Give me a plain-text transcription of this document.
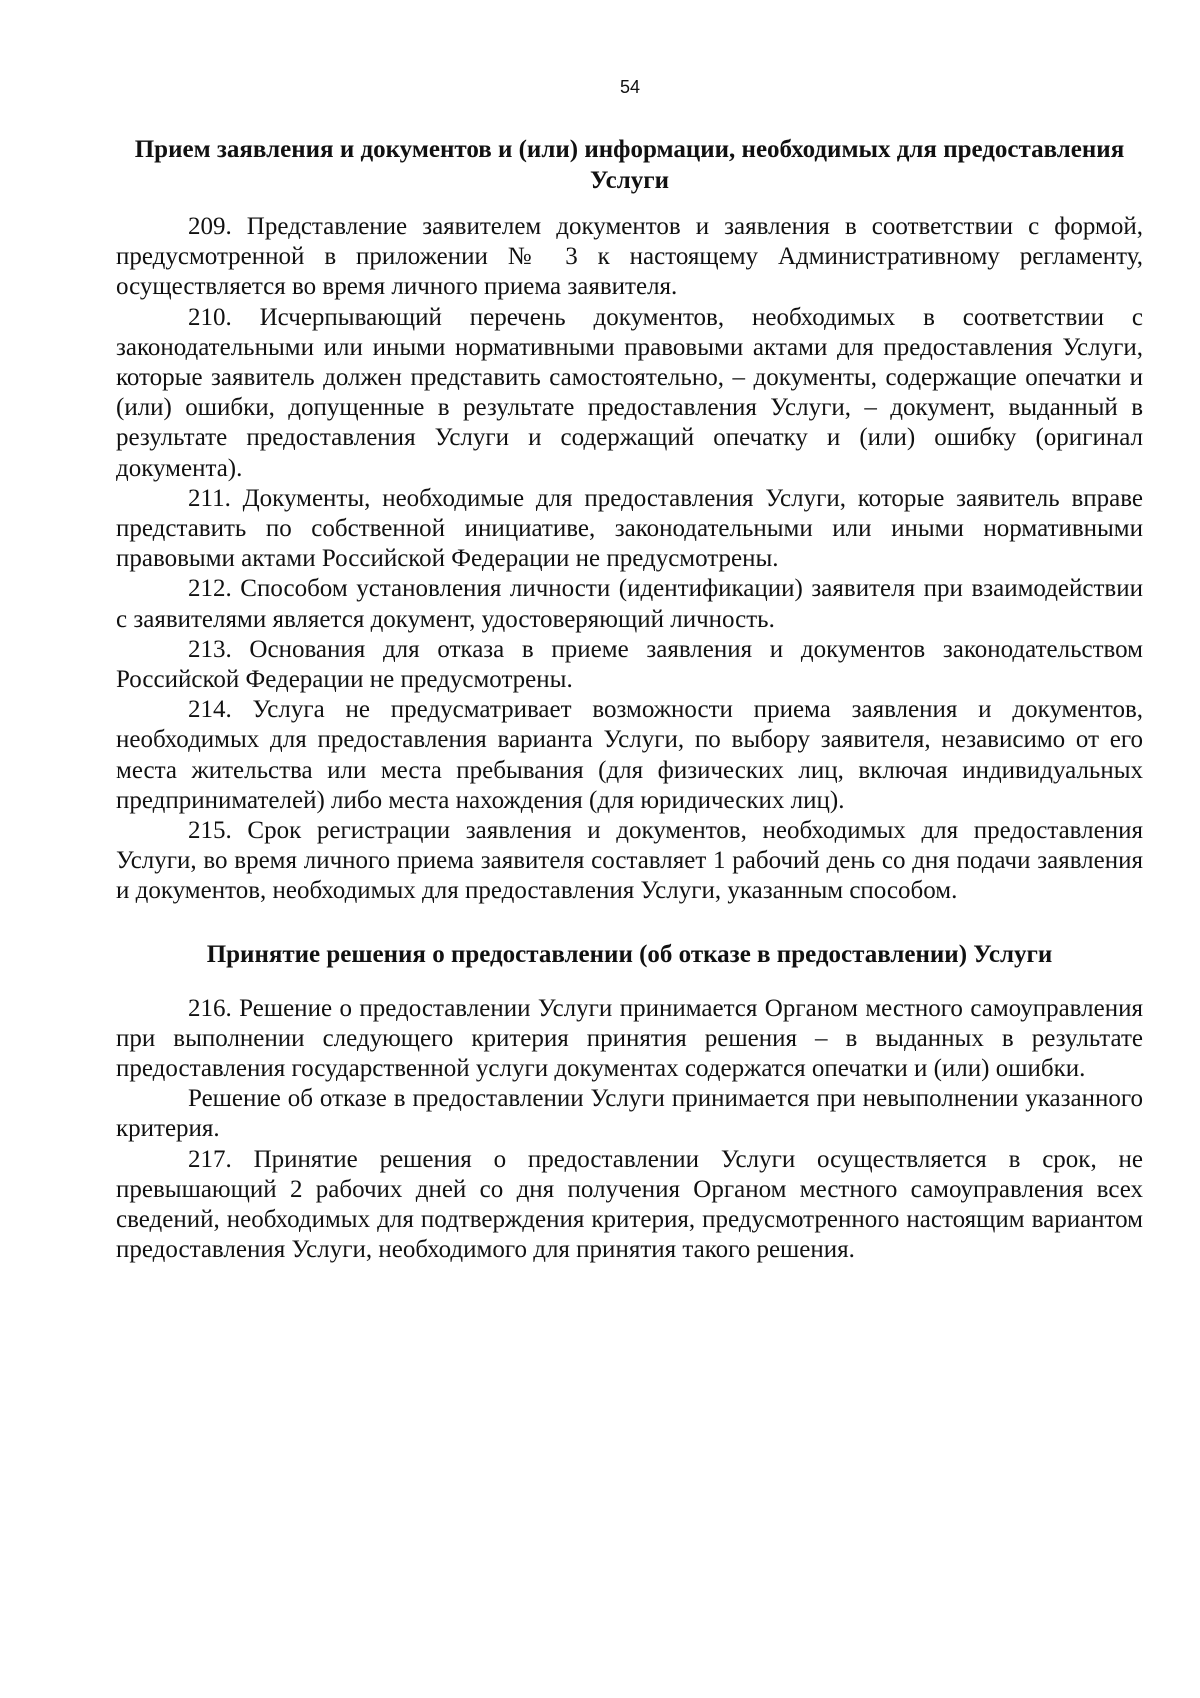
54
Прием заявления и документов и (или) информации, необходимых для предоставления Услуги

209. Представление заявителем документов и заявления в соответствии с формой, предусмотренной в приложении № 3 к настоящему Административному регламенту, осуществляется во время личного приема заявителя.

210. Исчерпывающий перечень документов, необходимых в соответствии с законодательными или иными нормативными правовыми актами для предоставления Услуги, которые заявитель должен представить самостоятельно, – документы, содержащие опечатки и (или) ошибки, допущенные в результате предоставления Услуги, – документ, выданный в результате предоставления Услуги и содержащий опечатку и (или) ошибку (оригинал документа).

211. Документы, необходимые для предоставления Услуги, которые заявитель вправе представить по собственной инициативе, законодательными или иными нормативными правовыми актами Российской Федерации не предусмотрены.

212. Способом установления личности (идентификации) заявителя при взаимодействии с заявителями является документ, удостоверяющий личность.

213. Основания для отказа в приеме заявления и документов законодательством Российской Федерации не предусмотрены.

214. Услуга не предусматривает возможности приема заявления и документов, необходимых для предоставления варианта Услуги, по выбору заявителя, независимо от его места жительства или места пребывания (для физических лиц, включая индивидуальных предпринимателей) либо места нахождения (для юридических лиц).

215. Срок регистрации заявления и документов, необходимых для предоставления Услуги, во время личного приема заявителя составляет 1 рабочий день со дня подачи заявления и документов, необходимых для предоставления Услуги, указанным способом.

Принятие решения о предоставлении (об отказе в предоставлении) Услуги

216. Решение о предоставлении Услуги принимается Органом местного самоуправления при выполнении следующего критерия принятия решения – в выданных в результате предоставления государственной услуги документах содержатся опечатки и (или) ошибки.

Решение об отказе в предоставлении Услуги принимается при невыполнении указанного критерия.

217. Принятие решения о предоставлении Услуги осуществляется в срок, не превышающий 2 рабочих дней со дня получения Органом местного самоуправления всех сведений, необходимых для подтверждения критерия, предусмотренного настоящим вариантом предоставления Услуги, необходимого для принятия такого решения.
